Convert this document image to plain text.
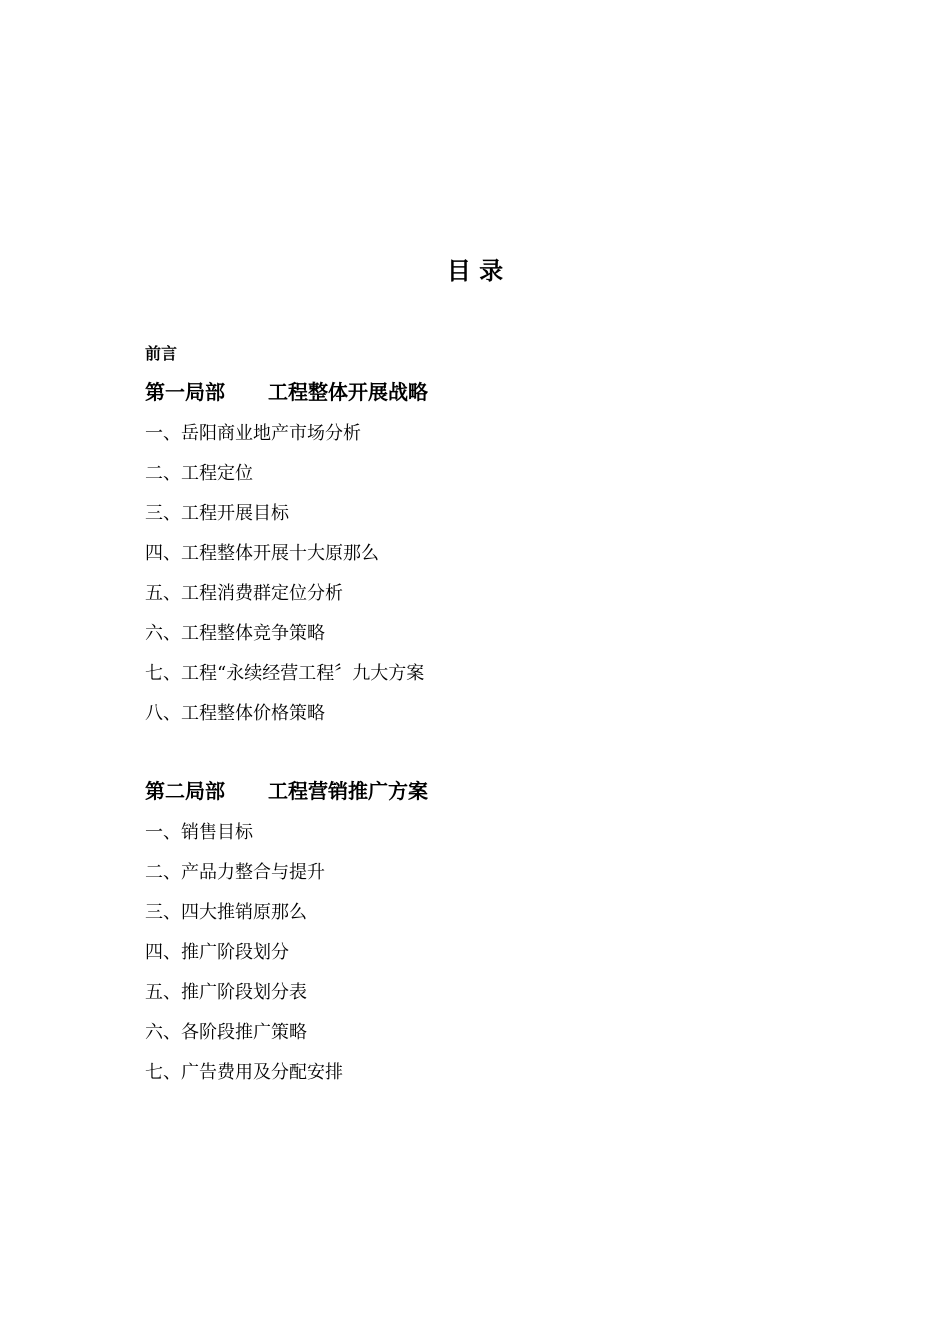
目 录
前言
第一局部 工程整体开展战略
一、岳阳商业地产市场分析
二、工程定位
三、工程开展目标
四、工程整体开展十大原那么
五、工程消费群定位分析
六、工程整体竞争策略
七、工程“永续经营工程〞九大方案
八、工程整体价格策略
第二局部 工程营销推广方案
一、销售目标
二、产品力整合与提升
三、四大推销原那么
四、推广阶段划分
五、推广阶段划分表
六、各阶段推广策略
七、广告费用及分配安排
